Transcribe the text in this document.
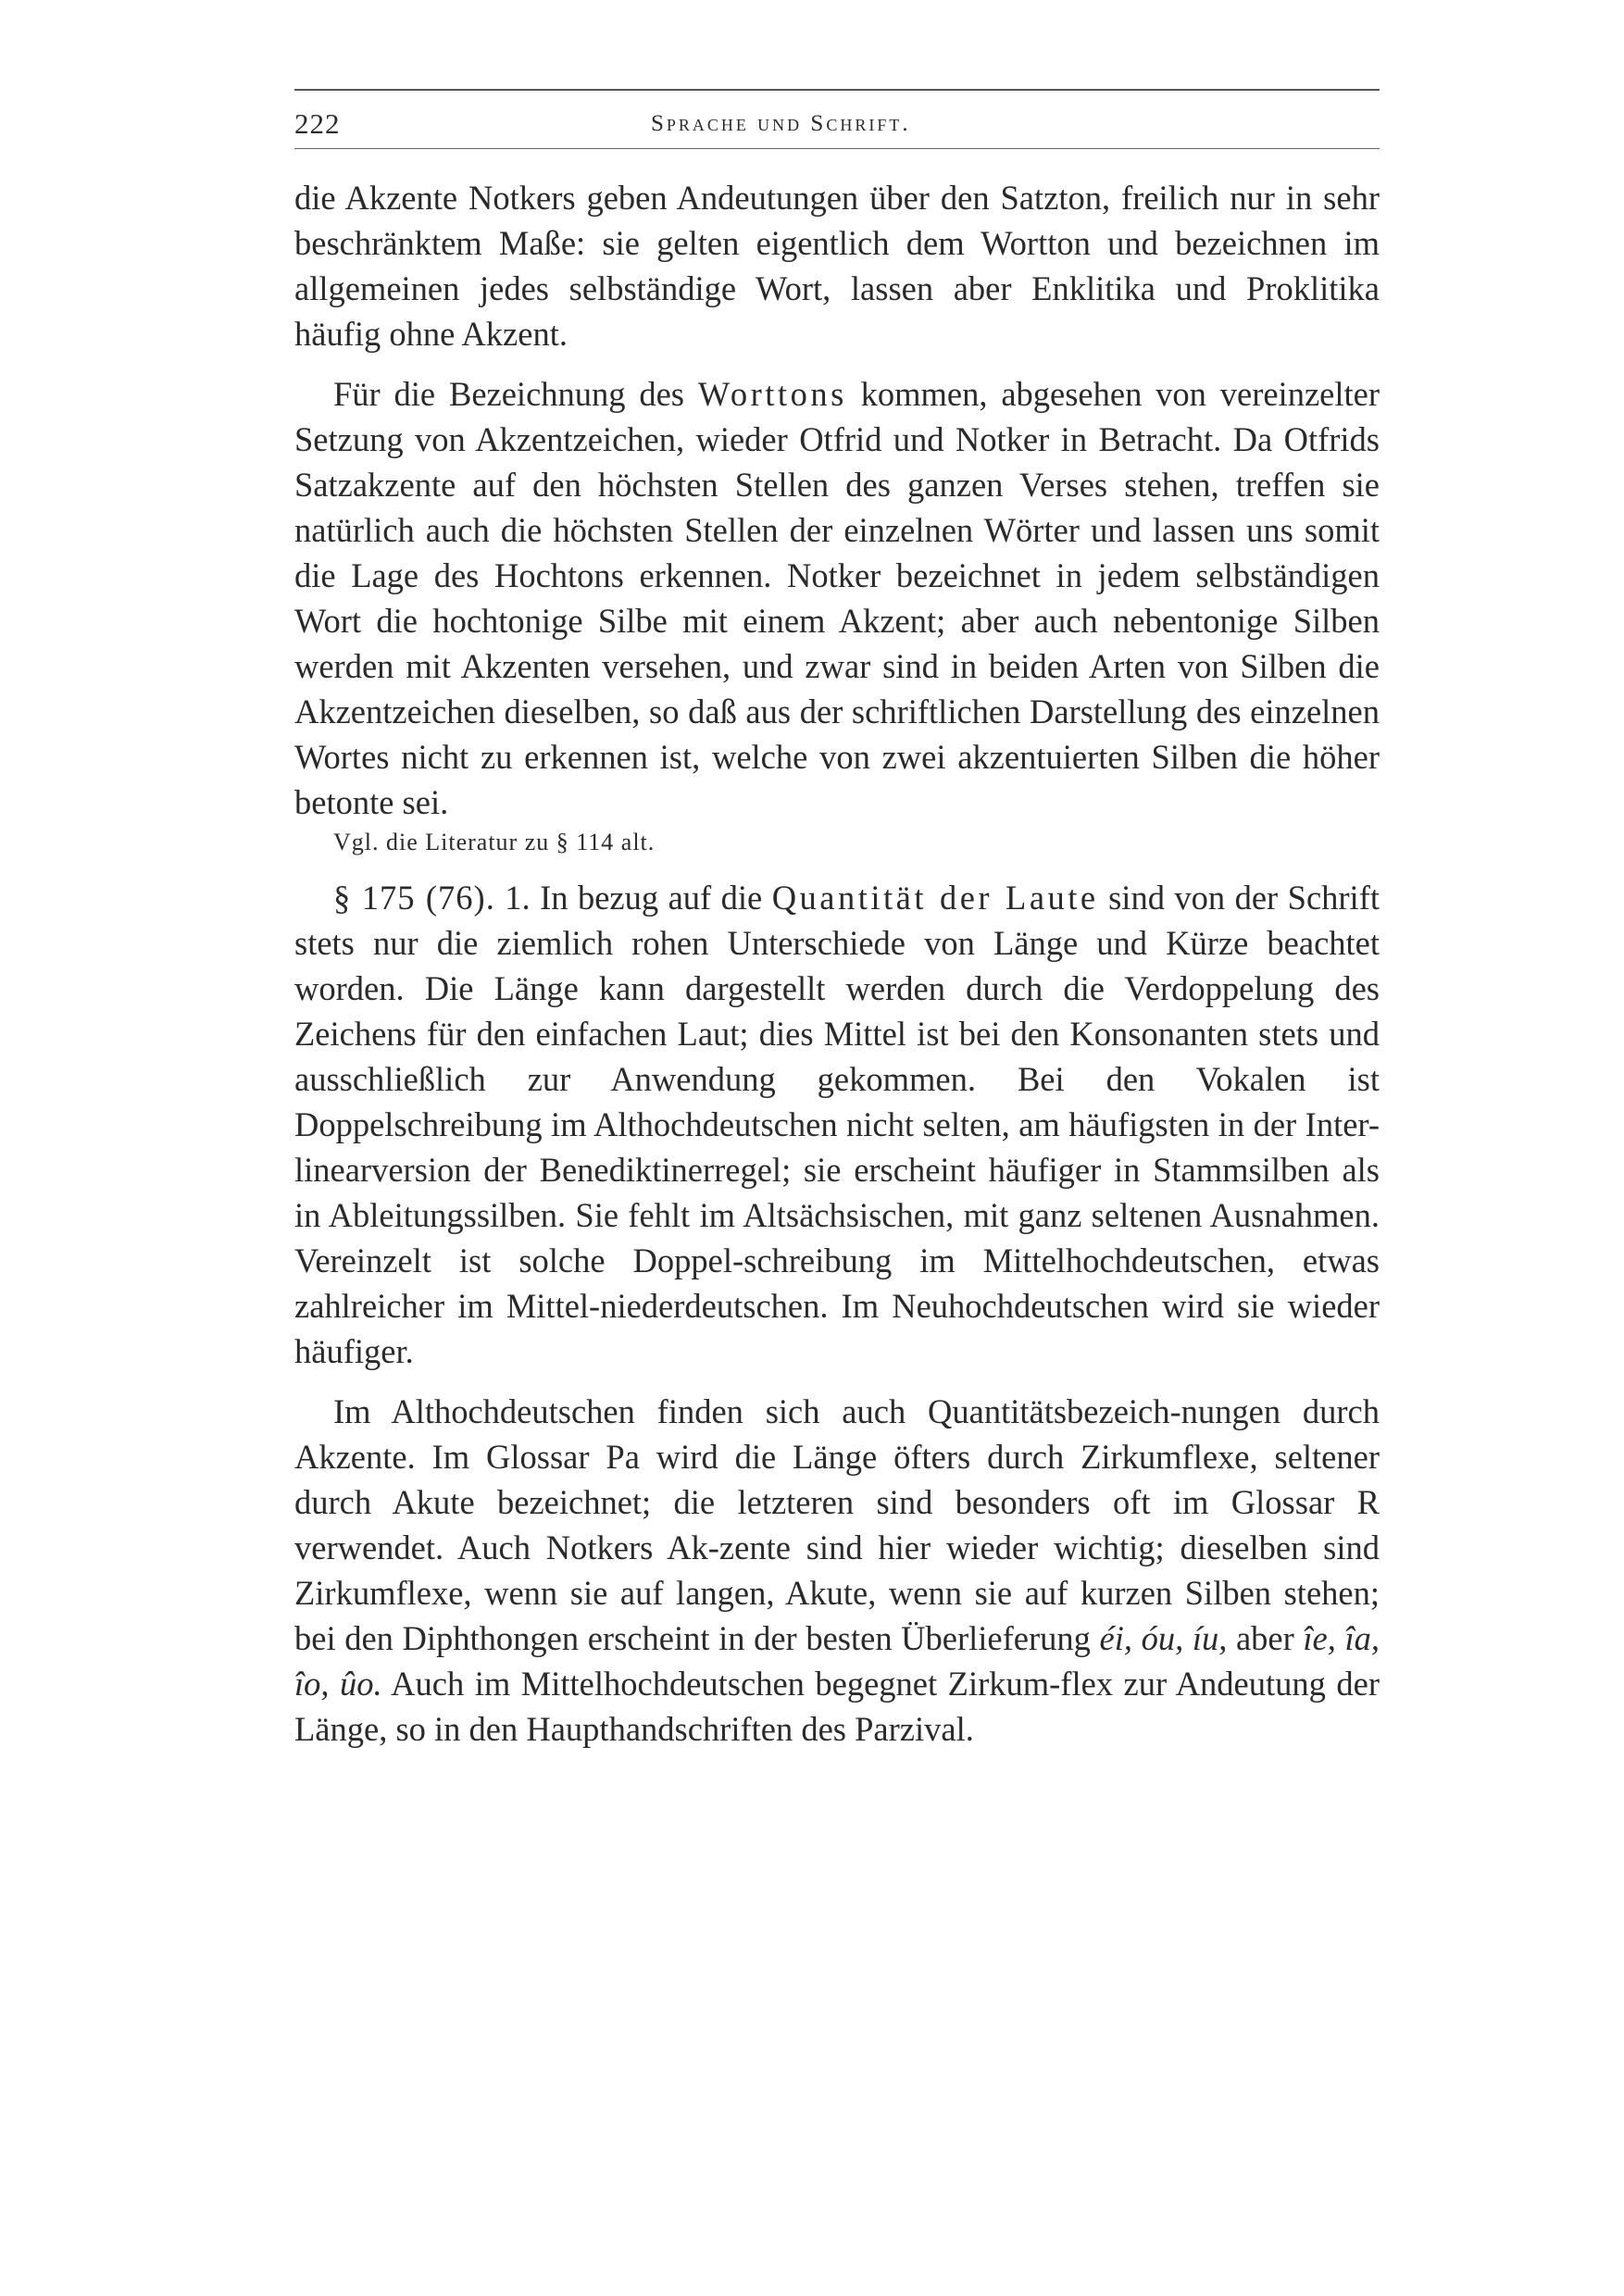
222	Sprache und Schrift.

die Akzente Notkers geben Andeutungen über den Satzton, freilich nur in sehr beschränktem Maße: sie gelten eigentlich dem Wortton und bezeichnen im allgemeinen jedes selbständige Wort, lassen aber Enklitika und Proklitika häufig ohne Akzent.

Für die Bezeichnung des Worttons kommen, abgesehen von vereinzelter Setzung von Akzentzeichen, wieder Otfrid und Notker in Betracht. Da Otfrids Satzakzente auf den höchsten Stellen des ganzen Verses stehen, treffen sie natürlich auch die höchsten Stellen der einzelnen Wörter und lassen uns somit die Lage des Hochtons erkennen. Notker bezeichnet in jedem selbständigen Wort die hochtonige Silbe mit einem Akzent; aber auch nebentonige Silben werden mit Akzenten versehen, und zwar sind in beiden Arten von Silben die Akzentzeichen dieselben, so daß aus der schriftlichen Darstellung des einzelnen Wortes nicht zu erkennen ist, welche von zwei akzentuierten Silben die höher betonte sei.

Vgl. die Literatur zu § 114 alt.

§ 175 (76). 1. In bezug auf die Quantität der Laute sind von der Schrift stets nur die ziemlich rohen Unterschiede von Länge und Kürze beachtet worden. Die Länge kann dargestellt werden durch die Verdoppelung des Zeichens für den einfachen Laut; dies Mittel ist bei den Konsonanten stets und ausschließlich zur Anwendung gekommen. Bei den Vokalen ist Doppelschreibung im Althochdeutschen nicht selten, am häufigsten in der Inter-linearversion der Benediktinerregel; sie erscheint häufiger in Stammsilben als in Ableitungssilben. Sie fehlt im Altsächsischen, mit ganz seltenen Ausnahmen. Vereinzelt ist solche Doppel-schreibung im Mittelhochdeutschen, etwas zahlreicher im Mittel-niederdeutschen. Im Neuhochdeutschen wird sie wieder häufiger.

Im Althochdeutschen finden sich auch Quantitätsbezeich-nungen durch Akzente. Im Glossar Pa wird die Länge öfters durch Zirkumflexe, seltener durch Akute bezeichnet; die letzteren sind besonders oft im Glossar R verwendet. Auch Notkers Ak-zente sind hier wieder wichtig; dieselben sind Zirkumflexe, wenn sie auf langen, Akute, wenn sie auf kurzen Silben stehen; bei den Diphthongen erscheint in der besten Überlieferung éi, óu, íu, aber îe, îa, îo, ûo. Auch im Mittelhochdeutschen begegnet Zirkum-flex zur Andeutung der Länge, so in den Haupthandschriften des Parzival.
